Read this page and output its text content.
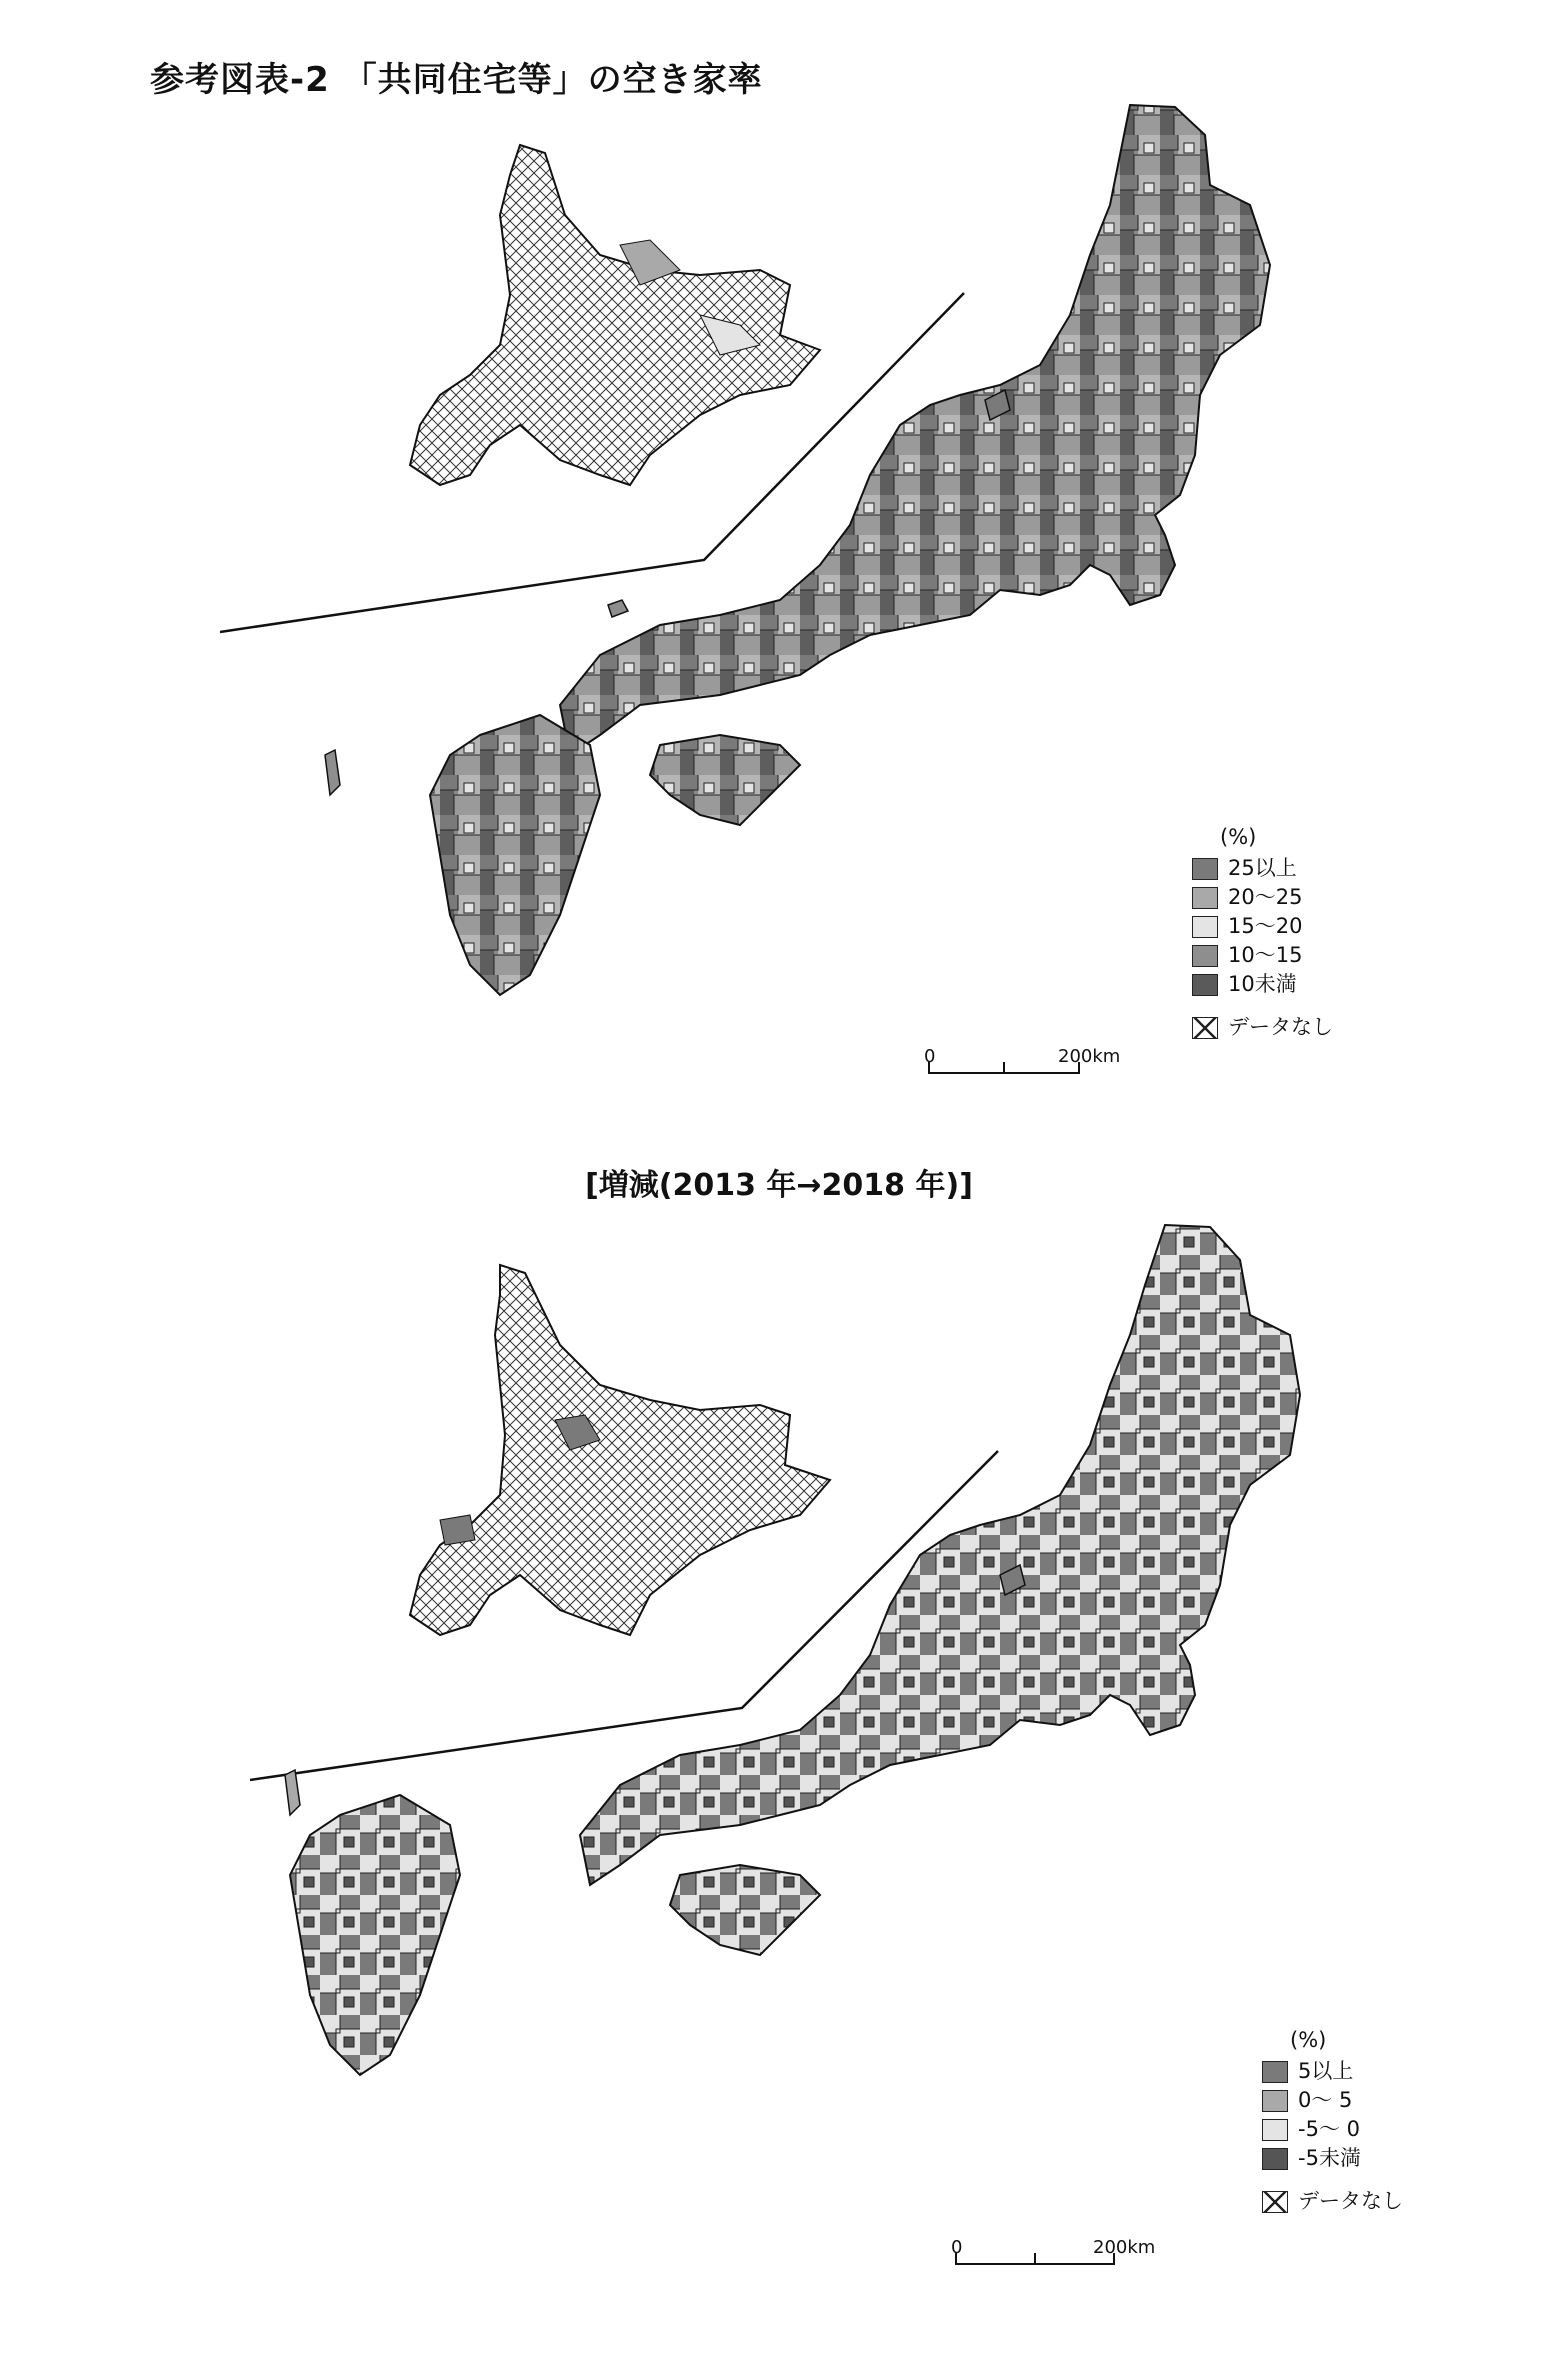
参考図表-2 「共同住宅等」の空き家率
(%)
25以上
20〜25
15〜20
10〜15
10未満
データなし
0	200km
[増減(2013 年→2018 年)]
(%)
5以上
0〜 5
-5〜 0
-5未満
データなし
0	200km
